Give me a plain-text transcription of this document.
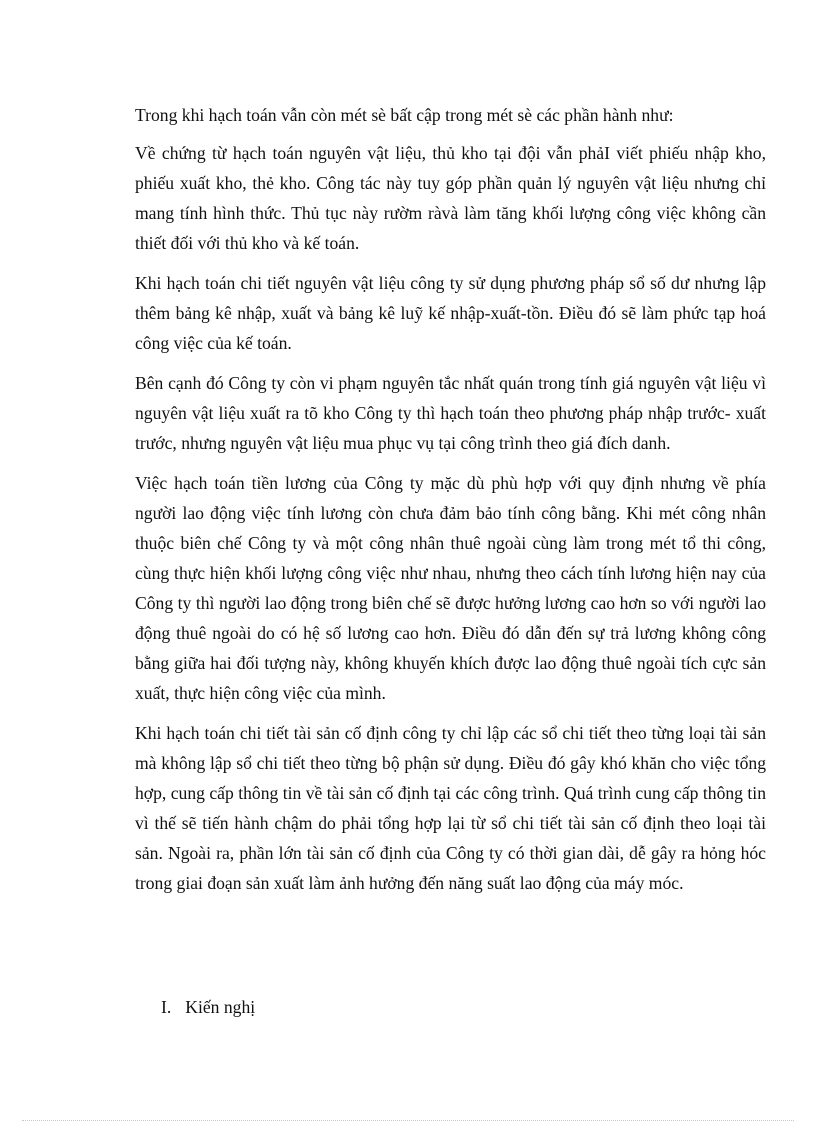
Trong khi hạch toán vẫn còn mét sè bất cập trong mét sè các phần hành như:

Về chứng từ hạch toán nguyên vật liệu, thủ kho tại đội vẫn phảI viết phiếu nhập kho, phiếu xuất kho, thẻ kho. Công tác này tuy góp phần quản lý nguyên vật liệu nhưng chỉ mang tính hình thức. Thủ tục này rườm ràvà làm tăng khối lượng công việc không cần thiết đối với thủ kho và kế toán.

Khi hạch toán chi tiết nguyên vật liệu công ty sử dụng phương pháp sổ số dư nhưng lập thêm bảng kê nhập, xuất và bảng kê luỹ kế nhập-xuất-tồn. Điều đó sẽ làm phức tạp hoá công việc của kế toán.

Bên cạnh đó Công ty còn vi phạm nguyên tắc nhất quán trong tính giá nguyên vật liệu vì nguyên vật liệu xuất ra tõ kho Công ty thì hạch toán theo phương pháp nhập trước- xuất trước, nhưng nguyên vật liệu mua phục vụ tại công trình theo giá đích danh.

Việc hạch toán tiền lương của Công ty mặc dù phù hợp với quy định nhưng về phía người lao động việc tính lương còn chưa đảm bảo tính công bằng. Khi mét công nhân thuộc biên chế Công ty và một công nhân thuê ngoài cùng làm trong mét tổ thi công, cùng thực hiện khối lượng công việc như nhau, nhưng theo cách tính lương hiện nay của Công ty thì người lao động trong biên chế sẽ được hưởng lương cao hơn so với người lao động thuê ngoài do có hệ số lương cao hơn. Điều đó dẫn đến sự trả lương không công bằng giữa hai đối tượng này, không khuyến khích được lao động thuê ngoài tích cực sản xuất, thực hiện công việc của mình.

Khi hạch toán chi tiết tài sản cố định công ty chỉ lập các sổ chi tiết theo từng loại tài sản mà không lập sổ chi tiết theo từng bộ phận sử dụng. Điều đó gây khó khăn cho việc tổng hợp, cung cấp thông tin về tài sản cố định tại các công trình. Quá trình cung cấp thông tin vì thế sẽ tiến hành chậm do phải tổng hợp lại từ sổ chi tiết tài sản cố định theo loại tài sản. Ngoài ra, phần lớn tài sản cố định của Công ty có thời gian dài, dễ gây ra hỏng hóc trong giai đoạn sản xuất làm ảnh hưởng đến năng suất lao động của máy móc.

I. Kiến nghị
